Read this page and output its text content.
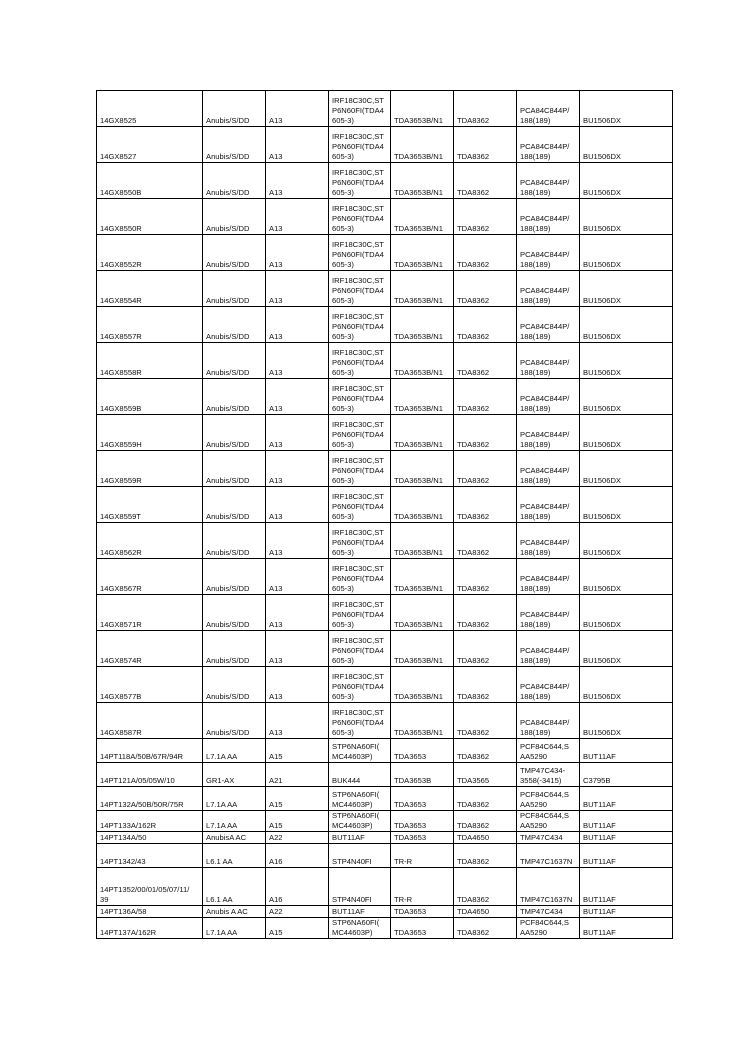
14GX8525	Anubis/S/DD	A13	IRF18C30C,ST
P6N60FI(TDA4
605-3)	TDA3653B/N1	TDA8362	PCA84C844P/
188(189)	BU1506DX
14GX8527	Anubis/S/DD	A13	IRF18C30C,ST
P6N60FI(TDA4
605-3)	TDA3653B/N1	TDA8362	PCA84C844P/
188(189)	BU1506DX
14GX8550B	Anubis/S/DD	A13	IRF18C30C,ST
P6N60FI(TDA4
605-3)	TDA3653B/N1	TDA8362	PCA84C844P/
188(189)	BU1506DX
14GX8550R	Anubis/S/DD	A13	IRF18C30C,ST
P6N60FI(TDA4
605-3)	TDA3653B/N1	TDA8362	PCA84C844P/
188(189)	BU1506DX
14GX8552R	Anubis/S/DD	A13	IRF18C30C,ST
P6N60FI(TDA4
605-3)	TDA3653B/N1	TDA8362	PCA84C844P/
188(189)	BU1506DX
14GX8554R	Anubis/S/DD	A13	IRF18C30C,ST
P6N60FI(TDA4
605-3)	TDA3653B/N1	TDA8362	PCA84C844P/
188(189)	BU1506DX
14GX8557R	Anubis/S/DD	A13	IRF18C30C,ST
P6N60FI(TDA4
605-3)	TDA3653B/N1	TDA8362	PCA84C844P/
188(189)	BU1506DX
14GX8558R	Anubis/S/DD	A13	IRF18C30C,ST
P6N60FI(TDA4
605-3)	TDA3653B/N1	TDA8362	PCA84C844P/
188(189)	BU1506DX
14GX8559B	Anubis/S/DD	A13	IRF18C30C,ST
P6N60FI(TDA4
605-3)	TDA3653B/N1	TDA8362	PCA84C844P/
188(189)	BU1506DX
14GX8559H	Anubis/S/DD	A13	IRF18C30C,ST
P6N60FI(TDA4
605-3)	TDA3653B/N1	TDA8362	PCA84C844P/
188(189)	BU1506DX
14GX8559R	Anubis/S/DD	A13	IRF18C30C,ST
P6N60FI(TDA4
605-3)	TDA3653B/N1	TDA8362	PCA84C844P/
188(189)	BU1506DX
14GX8559T	Anubis/S/DD	A13	IRF18C30C,ST
P6N60FI(TDA4
605-3)	TDA3653B/N1	TDA8362	PCA84C844P/
188(189)	BU1506DX
14GX8562R	Anubis/S/DD	A13	IRF18C30C,ST
P6N60FI(TDA4
605-3)	TDA3653B/N1	TDA8362	PCA84C844P/
188(189)	BU1506DX
14GX8567R	Anubis/S/DD	A13	IRF18C30C,ST
P6N60FI(TDA4
605-3)	TDA3653B/N1	TDA8362	PCA84C844P/
188(189)	BU1506DX
14GX8571R	Anubis/S/DD	A13	IRF18C30C,ST
P6N60FI(TDA4
605-3)	TDA3653B/N1	TDA8362	PCA84C844P/
188(189)	BU1506DX
14GX8574R	Anubis/S/DD	A13	IRF18C30C,ST
P6N60FI(TDA4
605-3)	TDA3653B/N1	TDA8362	PCA84C844P/
188(189)	BU1506DX
14GX8577B	Anubis/S/DD	A13	IRF18C30C,ST
P6N60FI(TDA4
605-3)	TDA3653B/N1	TDA8362	PCA84C844P/
188(189)	BU1506DX
14GX8587R	Anubis/S/DD	A13	IRF18C30C,ST
P6N60FI(TDA4
605-3)	TDA3653B/N1	TDA8362	PCA84C844P/
188(189)	BU1506DX
14PT118A/50B/67R/94R	L7.1A AA	A15	STP6NA60FI(
MC44603P)	TDA3653	TDA8362	PCF84C644,S
AA5290	BUT11AF
14PT121A/05/05W/10	GR1-AX	A21	BUK444	TDA3653B	TDA3565	TMP47C434-
3558(-3415)	C3795B
14PT132A/50B/50R/75R	L7.1A AA	A15	STP6NA60FI(
MC44603P)	TDA3653	TDA8362	PCF84C644,S
AA5290	BUT11AF
14PT133A/162R	L7.1A AA	A15	STP6NA60FI(
MC44603P)	TDA3653	TDA8362	PCF84C644,S
AA5290	BUT11AF
14PT134A/50	AnubisA AC	A22	BUT11AF	TDA3653	TDA4650	TMP47C434	BUT11AF
14PT1342/43	L6.1 AA	A16	STP4N40FI	TR-R	TDA8362	TMP47C1637N	BUT11AF
14PT1352/00/01/05/07/11/
39	L6.1 AA	A16	STP4N40FI	TR-R	TDA8362	TMP47C1637N	BUT11AF
14PT136A/58	Anubis A AC	A22	BUT11AF	TDA3653	TDA4650	TMP47C434	BUT11AF
14PT137A/162R	L7.1A AA	A15	STP6NA60FI(
MC44603P)	TDA3653	TDA8362	PCF84C644,S
AA5290	BUT11AF
